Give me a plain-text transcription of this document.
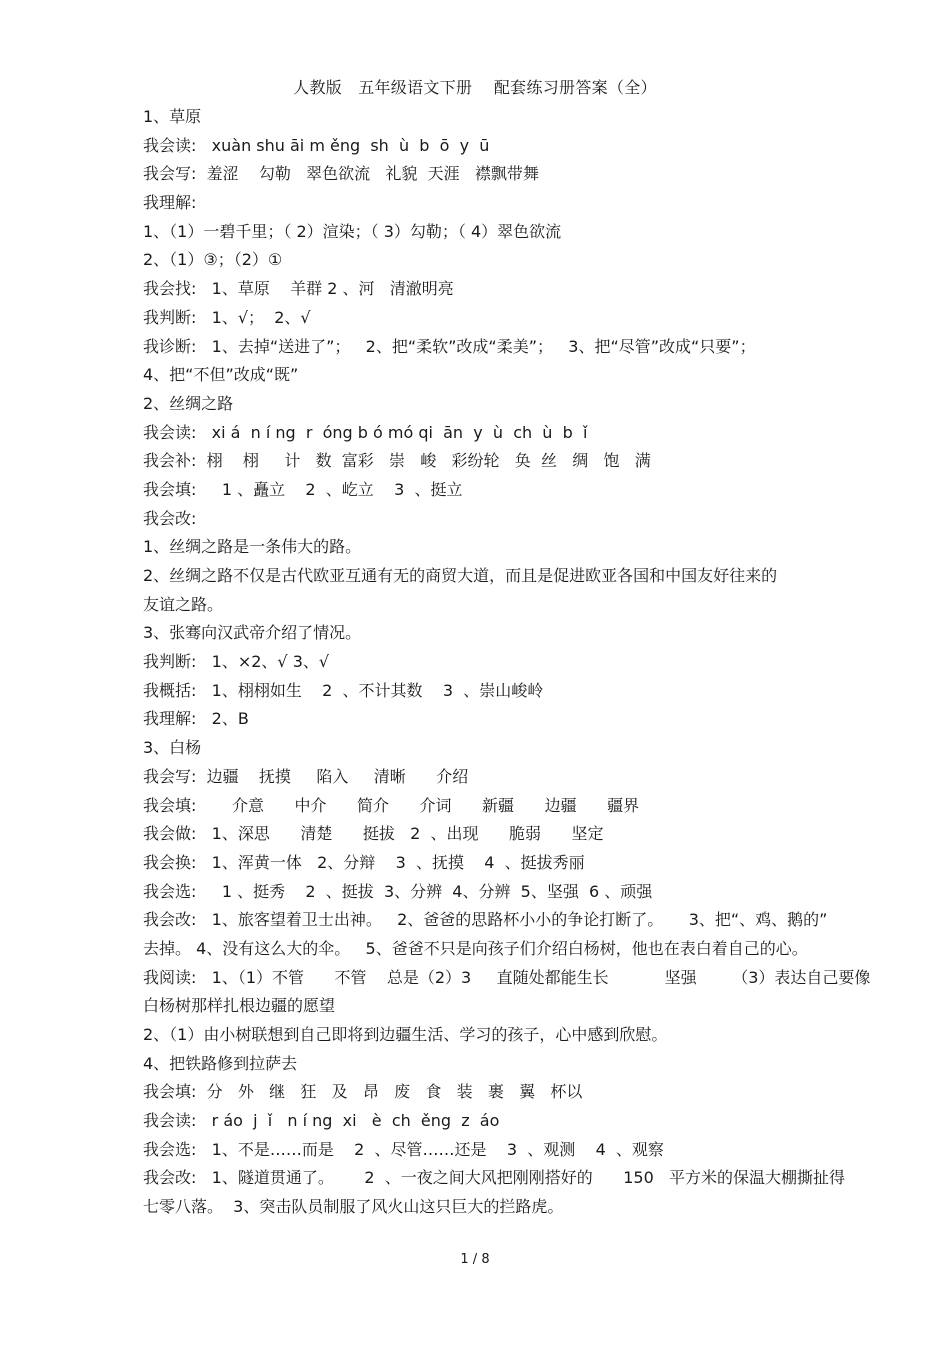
人教版   五年级语文下册    配套练习册答案（全）
1、草原
我会读:   xuàn shu āi m ěng  sh  ù  b  ō  y  ū
我会写:  羞涩    勾勒   翠色欲流   礼貌  天涯   襟飘带舞
我理解:
1、（1）一碧千里；（ 2）渲染；（ 3）勾勒；（ 4）翠色欲流
2、（1）③；（2）①
我会找:   1、草原    羊群 2 、河   清澈明亮
我判断:   1、√；  2、√
我诊断:   1、去掉“送进了”；   2、把“柔软”改成“柔美”；   3、把“尽管”改成“只要”；
4、把“不但”改成“既”
2、丝绸之路
我会读:   xi á  n í ng  r  óng b ó mó qi  ān  y  ù  ch  ù  b  ǐ
我会补:  栩    栩     计   数  富彩   崇   峻   彩纷轮   奂  丝   绸   饱   满
我会填:     1 、矗立    2  、屹立    3  、挺立
我会改:
1、丝绸之路是一条伟大的路。
2、丝绸之路不仅是古代欧亚互通有无的商贸大道，而且是促进欧亚各国和中国友好往来的
友谊之路。
3、张骞向汉武帝介绍了情况。
我判断:   1、×2、√ 3、√
我概括:   1、栩栩如生    2  、不计其数    3  、崇山峻岭
我理解:   2、B
3、白杨
我会写:  边疆    抚摸     陷入     清晰      介绍
我会填:       介意      中介      简介      介词      新疆      边疆      疆界
我会做:   1、深思      清楚      挺拔   2  、出现      脆弱      坚定
我会换:   1、浑黄一体   2、分辩    3  、抚摸    4  、挺拔秀丽
我会选:     1 、挺秀    2  、挺拔  3、分辨  4、分辨  5、坚强  6 、顽强
我会改:   1、旅客望着卫士出神。   2、爸爸的思路杯小小的争论打断了。     3、把“、鸡、鹅的”
去掉。 4、没有这么大的伞。   5、爸爸不只是向孩子们介绍白杨树，他也在表白着自己的心。
我阅读:   1、（1）不管      不管    总是（2）3     直随处都能生长           坚强       （3）表达自己要像
白杨树那样扎根边疆的愿望
2、（1）由小树联想到自己即将到边疆生活、学习的孩子，心中感到欣慰。
4、把铁路修到拉萨去
我会填:  分   外   继   狂   及   昂   废   食   装   裹   翼   杯以
我会读:   r áo  j  ǐ   n í ng  xi   è  ch  ěng  z  áo
我会选:   1、不是……而是    2  、尽管……还是    3  、观测    4  、观察
我会改:   1、隧道贯通了。      2  、一夜之间大风把刚刚搭好的      150   平方米的保温大棚撕扯得
七零八落。  3、突击队员制服了风火山这只巨大的拦路虎。
1 / 8
